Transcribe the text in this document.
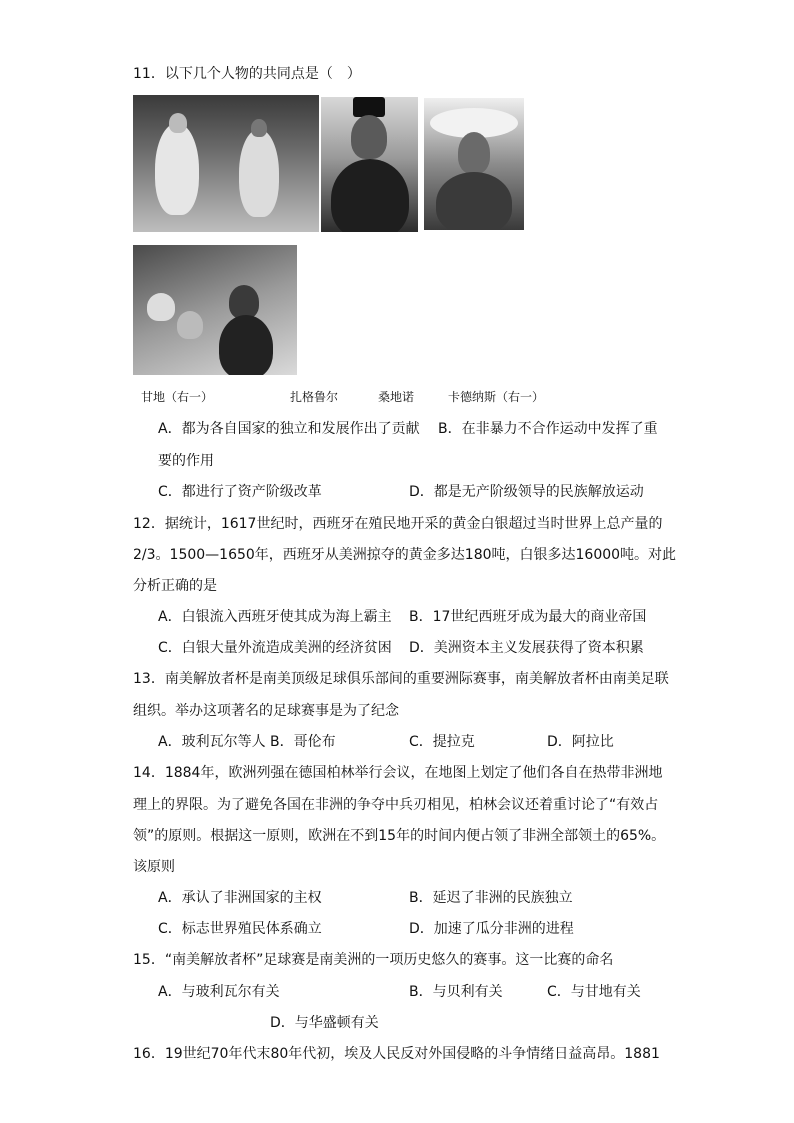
11．以下几个人物的共同点是（　）
甘地（右一）	扎格鲁尔	桑地诺	卡德纳斯（右一）
A．都为各自国家的独立和发展作出了贡献 B．在非暴力不合作运动中发挥了重
要的作用
C．都进行了资产阶级改革	D．都是无产阶级领导的民族解放运动
12．据统计，1617世纪时，西班牙在殖民地开采的黄金白银超过当时世界上总产量的
2/3。1500—1650年，西班牙从美洲掠夺的黄金多达180吨，白银多达16000吨。对此
分析正确的是
A．白银流入西班牙使其成为海上霸主 B．17世纪西班牙成为最大的商业帝国
C．白银大量外流造成美洲的经济贫困 D．美洲资本主义发展获得了资本积累
13．南美解放者杯是南美顶级足球俱乐部间的重要洲际赛事，南美解放者杯由南美足联
组织。举办这项著名的足球赛事是为了纪念
A．玻利瓦尔等人 B．哥伦布	C．提拉克	D．阿拉比
14．1884年，欧洲列强在德国柏林举行会议，在地图上划定了他们各自在热带非洲地
理上的界限。为了避免各国在非洲的争夺中兵刃相见，柏林会议还着重讨论了“有效占
领”的原则。根据这一原则，欧洲在不到15年的时间内便占领了非洲全部领土的65%。
该原则
A．承认了非洲国家的主权	B．延迟了非洲的民族独立
C．标志世界殖民体系确立	D．加速了瓜分非洲的进程
15．“南美解放者杯”足球赛是南美洲的一项历史悠久的赛事。这一比赛的命名
A．与玻利瓦尔有关	B．与贝利有关	C．与甘地有关
D．与华盛顿有关
16．19世纪70年代末80年代初，埃及人民反对外国侵略的斗争情绪日益高昂。1881
